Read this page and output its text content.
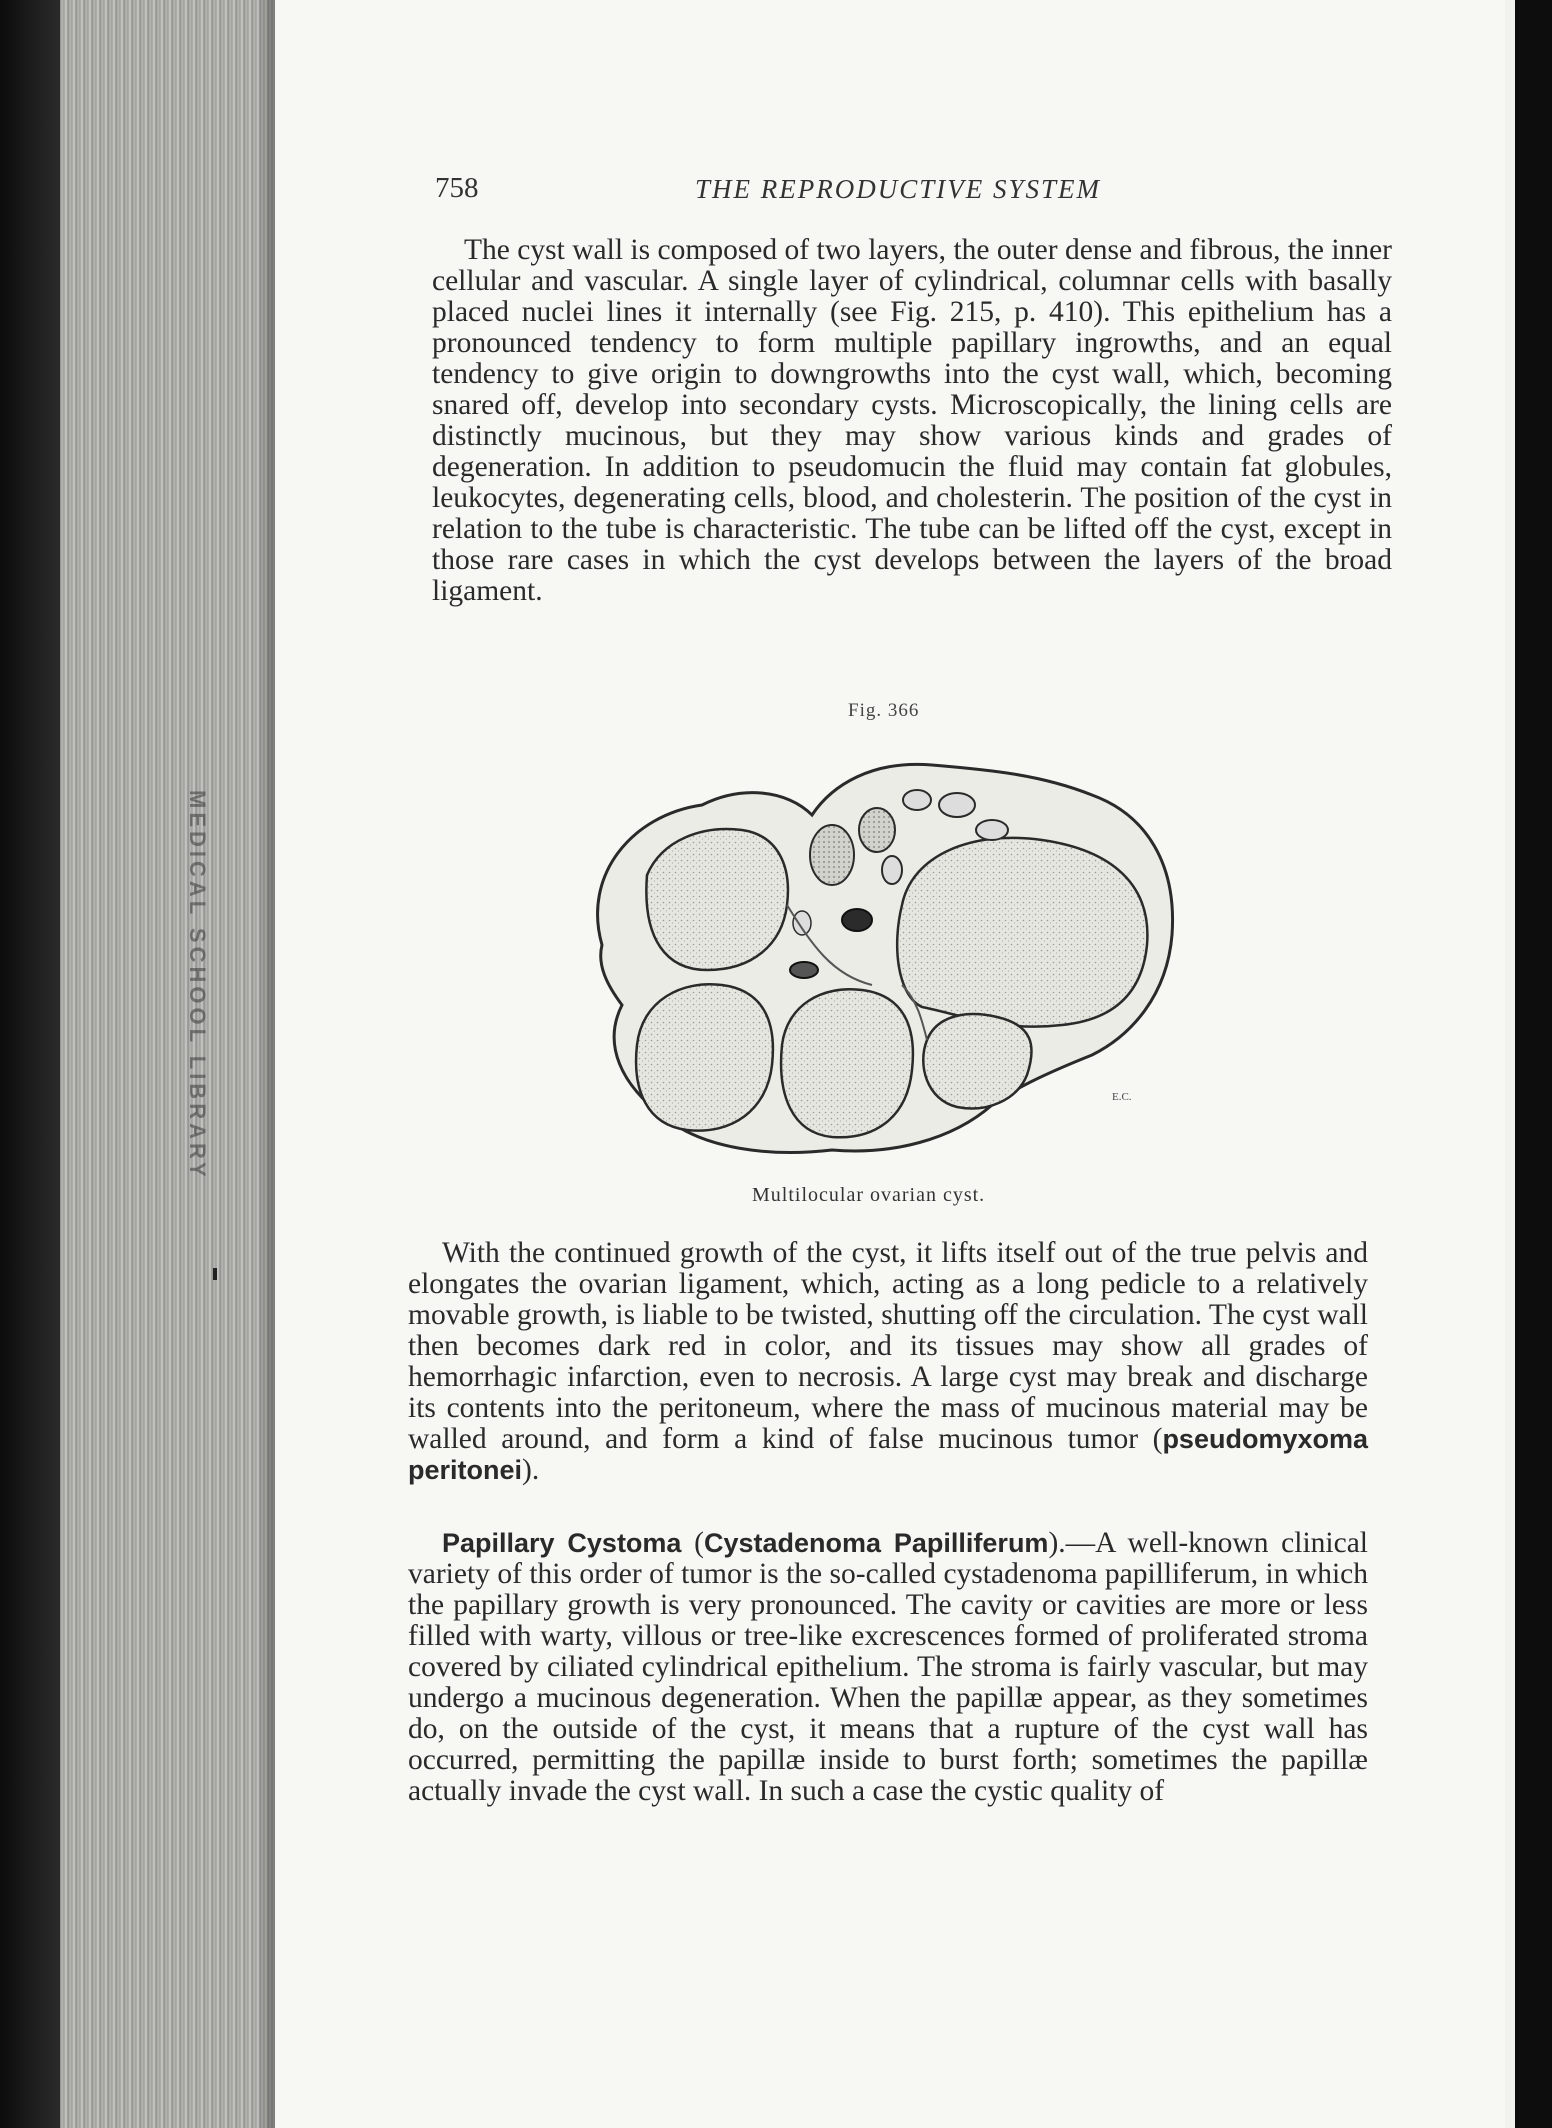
MEDICAL SCHOOL LIBRARY
758	THE REPRODUCTIVE SYSTEM

The cyst wall is composed of two layers, the outer dense and fibrous, the inner cellular and vascular. A single layer of cylindrical, columnar cells with basally placed nuclei lines it internally (see Fig. 215, p. 410). This epithelium has a pronounced tendency to form multiple papillary ingrowths, and an equal tendency to give origin to downgrowths into the cyst wall, which, becoming snared off, develop into secondary cysts. Microscopically, the lining cells are distinctly mucinous, but they may show various kinds and grades of degeneration. In addition to pseudomucin the fluid may contain fat globules, leukocytes, degenerating cells, blood, and cholesterin. The position of the cyst in relation to the tube is characteristic. The tube can be lifted off the cyst, except in those rare cases in which the cyst develops between the layers of the broad ligament.

Fig. 366
E.C.
Multilocular ovarian cyst.

With the continued growth of the cyst, it lifts itself out of the true pelvis and elongates the ovarian ligament, which, acting as a long pedicle to a relatively movable growth, is liable to be twisted, shutting off the circulation. The cyst wall then becomes dark red in color, and its tissues may show all grades of hemorrhagic infarction, even to necrosis. A large cyst may break and discharge its contents into the peritoneum, where the mass of mucinous material may be walled around, and form a kind of false mucinous tumor (pseudomyxoma peritonei).

Papillary Cystoma (Cystadenoma Papilliferum).—A well-known clinical variety of this order of tumor is the so-called cystadenoma papilliferum, in which the papillary growth is very pronounced. The cavity or cavities are more or less filled with warty, villous or tree-like excrescences formed of proliferated stroma covered by ciliated cylindrical epithelium. The stroma is fairly vascular, but may undergo a mucinous degeneration. When the papillæ appear, as they sometimes do, on the outside of the cyst, it means that a rupture of the cyst wall has occurred, permitting the papillæ inside to burst forth; sometimes the papillæ actually invade the cyst wall. In such a case the cystic quality of
